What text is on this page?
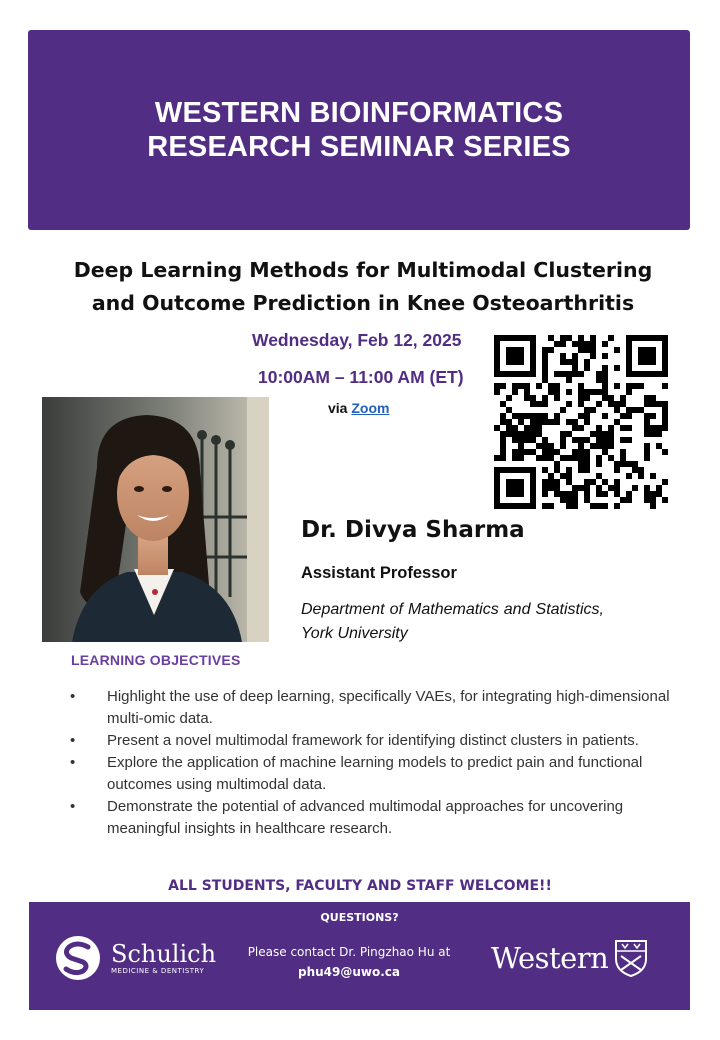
WESTERN BIOINFORMATICS
RESEARCH SEMINAR SERIES
Deep Learning Methods for Multimodal Clustering
and Outcome Prediction in Knee Osteoarthritis
Wednesday, Feb 12, 2025
10:00AM – 11:00 AM (ET)
via Zoom
Dr. Divya Sharma
Assistant Professor
Department of Mathematics and Statistics, York University
LEARNING OBJECTIVES
• Highlight the use of deep learning, specifically VAEs, for integrating high-dimensional multi-omic data.
• Present a novel multimodal framework for identifying distinct clusters in patients.
• Explore the application of machine learning models to predict pain and functional outcomes using multimodal data.
• Demonstrate the potential of advanced multimodal approaches for uncovering meaningful insights in healthcare research.
ALL STUDENTS, FACULTY AND STAFF WELCOME!!
QUESTIONS?
Schulich
MEDICINE & DENTISTRY
Please contact Dr. Pingzhao Hu at
phu49@uwo.ca	Western
